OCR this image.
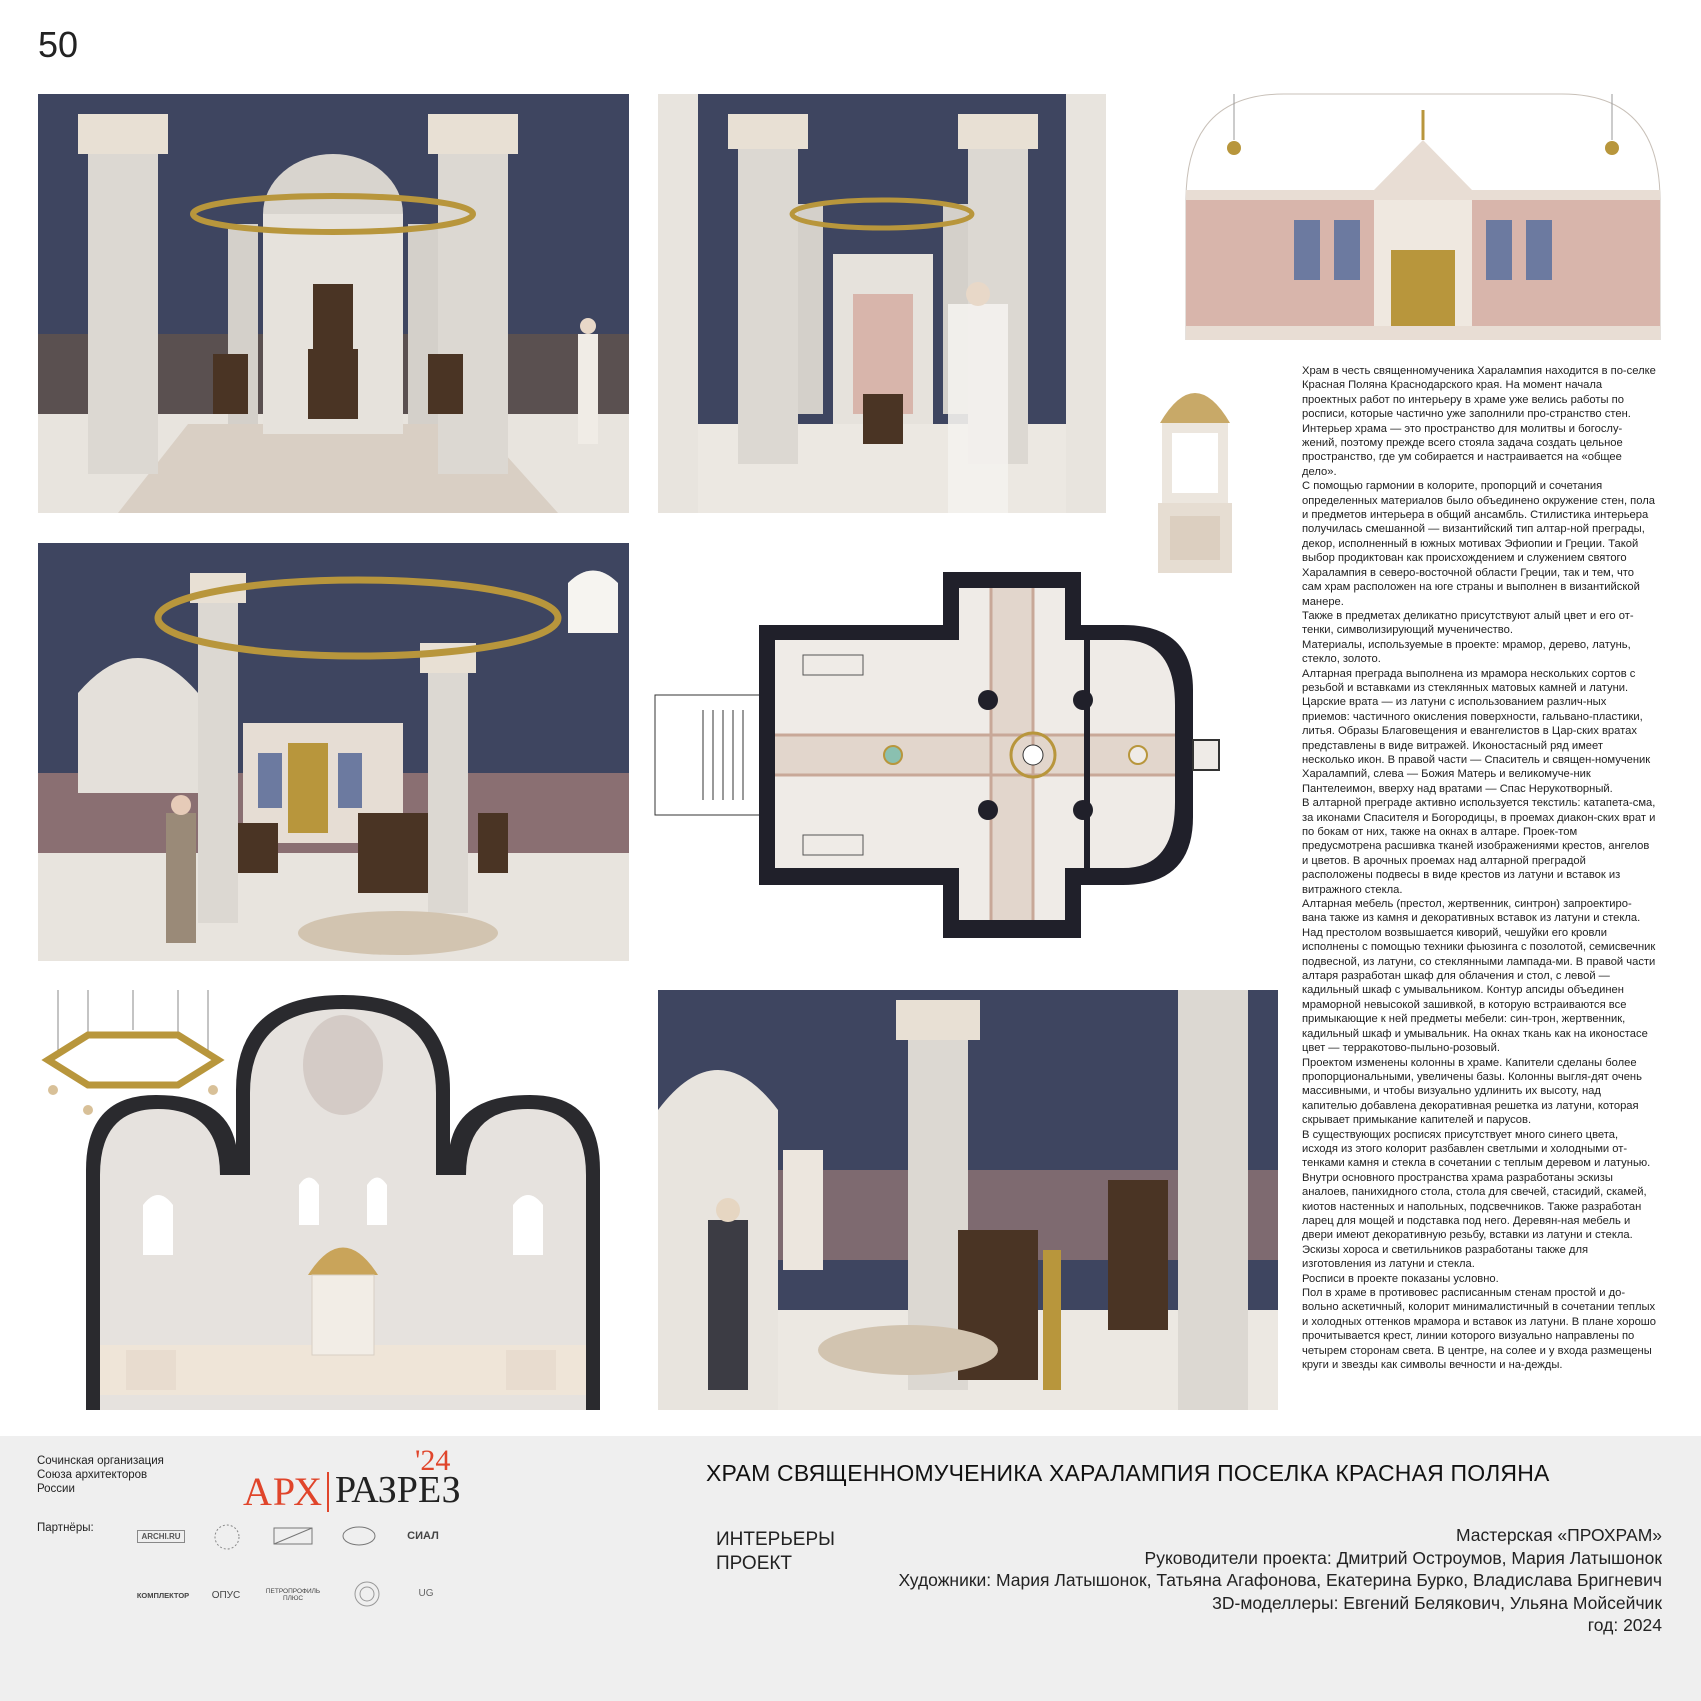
50

Храм в честь священномученика Харалампия находится в по-селке Красная Поляна Краснодарского края. На момент начала проектных работ по интерьеру в храме уже велись работы по росписи, которые частично уже заполнили про-странство стен.

Интерьер храма — это пространство для молитвы и богослу-жений, поэтому прежде всего стояла задача создать цельное пространство, где ум собирается и настраивается на «общее дело».

С помощью гармонии в колорите, пропорций и сочетания определенных материалов было объединено окружение стен, пола и предметов интерьера в общий ансамбль. Стилистика интерьера получилась смешанной — византийский тип алтар-ной преграды, декор, исполненный в южных мотивах Эфиопии и Греции. Такой выбор продиктован как происхождением и служением святого Харалампия в северо-восточной области Греции, так и тем, что сам храм расположен на юге страны и выполнен в византийской манере.

Также в предметах деликатно присутствуют алый цвет и его от-тенки, символизирующий мученичество.

Материалы, используемые в проекте: мрамор, дерево, латунь, стекло, золото.

Алтарная преграда выполнена из мрамора нескольких сортов с резьбой и вставками из стеклянных матовых камней и латуни. Царские врата — из латуни с использованием различ-ных приемов: частичного окисления поверхности, гальвано-пластики, литья. Образы Благовещения и евангелистов в Цар-ских вратах представлены в виде витражей. Иконостасный ряд имеет несколько икон. В правой части — Спаситель и священ-номученик Харалампий, слева — Божия Матерь и великомуче-ник Пантелеимон, вверху над вратами — Спас Нерукотворный.

В алтарной преграде активно используется текстиль: катапета-сма, за иконами Спасителя и Богородицы, в проемах диакон-ских врат и по бокам от них, также на окнах в алтаре. Проек-том предусмотрена расшивка тканей изображениями крестов, ангелов и цветов. В арочных проемах над алтарной преградой расположены подвесы в виде крестов из латуни и вставок из витражного стекла.

Алтарная мебель (престол, жертвенник, синтрон) запроектиро-вана также из камня и декоративных вставок из латуни и стекла. Над престолом возвышается киворий, чешуйки его кровли исполнены с помощью техники фьюзинга с позолотой, семисвечник подвесной, из латуни, со стеклянными лампада-ми. В правой части алтаря разработан шкаф для облачения и стол, с левой — кадильный шкаф с умывальником. Контур апсиды объединен мраморной невысокой зашивкой, в которую встраиваются все примыкающие к ней предметы мебели: син-трон, жертвенник, кадильный шкаф и умывальник. На окнах ткань как на иконостасе цвет — терракотово-пыльно-розовый.

Проектом изменены колонны в храме. Капители сделаны более пропорциональными, увеличены базы. Колонны выгля-дят очень массивными, и чтобы визуально удлинить их высоту, над капителью добавлена декоративная решетка из латуни, которая скрывает примыкание капителей и парусов.

В существующих росписях присутствует много синего цвета, исходя из этого колорит разбавлен светлыми и холодными от-тенками камня и стекла в сочетании с теплым деревом и латунью.

Внутри основного пространства храма разработаны эскизы аналоев, панихидного стола, стола для свечей, стасидий, скамей, киотов настенных и напольных, подсвечников. Также разработан ларец для мощей и подставка под него. Деревян-ная мебель и двери имеют декоративную резьбу, вставки из латуни и стекла. Эскизы хороса и светильников разработаны также для изготовления из латуни и стекла.

Росписи в проекте показаны условно.

Пол в храме в противовес расписанным стенам простой и до-вольно аскетичный, колорит минималистичный в сочетании теплых и холодных оттенков мрамора и вставок из латуни. В плане хорошо прочитывается крест, линии которого визуально направлены по четырем сторонам света. В центре, на солее и у входа размещены круги и звезды как символы вечности и на-дежды.

Сочинская организация
Союза архитекторов
России	АРХ РАЗРЕЗ
'24
Партнёры:
ARCHI.RU	СИАЛ
КОМПЛЕКТОР	ОПУС	ПЕТРОПРОФИЛЬ ПЛЮС	UG
ХРАМ СВЯЩЕННОМУЧЕНИКА ХАРАЛАМПИЯ ПОСЕЛКА КРАСНАЯ ПОЛЯНА
ИНТЕРЬЕРЫ
ПРОЕКТ
Мастерская «ПРОХРАМ»
Руководители проекта: Дмитрий Остроумов, Мария Латышонок
Художники: Мария Латышонок, Татьяна Агафонова, Екатерина Бурко, Владислава Бригневич
3D-моделлеры: Евгений Белякович, Ульяна Мойсейчик
год: 2024
